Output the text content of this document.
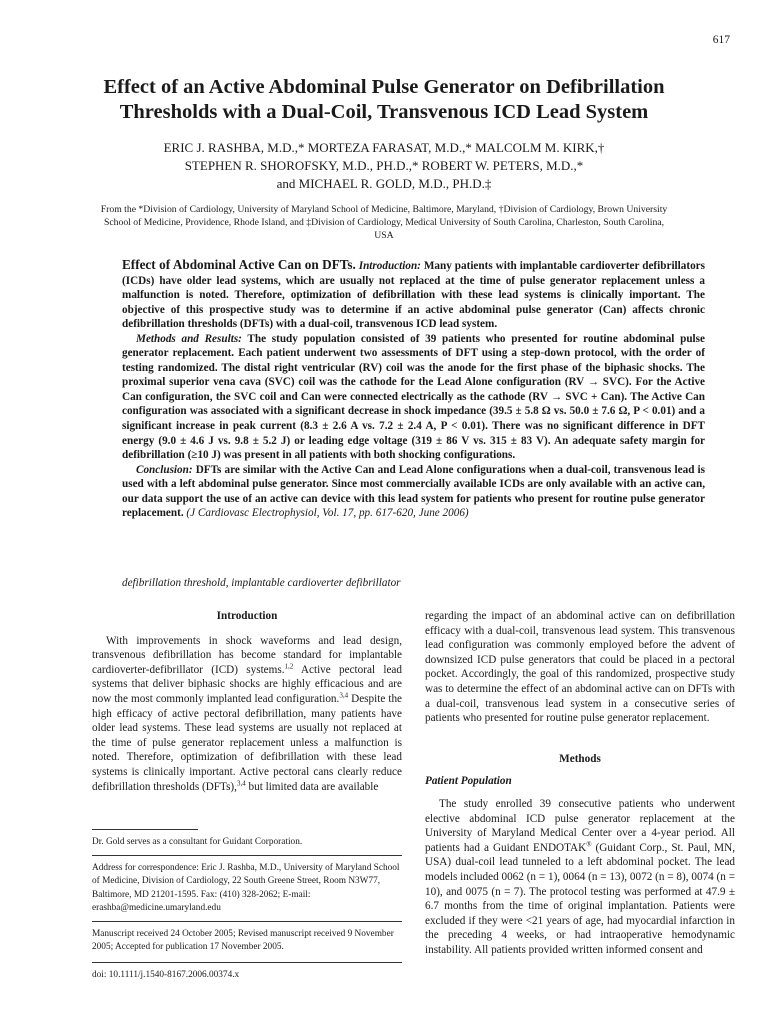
617
Effect of an Active Abdominal Pulse Generator on Defibrillation
Thresholds with a Dual-Coil, Transvenous ICD Lead System
ERIC J. RASHBA, M.D.,* MORTEZA FARASAT, M.D.,* MALCOLM M. KIRK,†
STEPHEN R. SHOROFSKY, M.D., PH.D.,* ROBERT W. PETERS, M.D.,*
and MICHAEL R. GOLD, M.D., PH.D.‡
From the *Division of Cardiology, University of Maryland School of Medicine, Baltimore, Maryland, †Division of Cardiology, Brown University School of Medicine, Providence, Rhode Island, and ‡Division of Cardiology, Medical University of South Carolina, Charleston, South Carolina, USA

Effect of Abdominal Active Can on DFTs. Introduction: Many patients with implantable cardioverter defibrillators (ICDs) have older lead systems, which are usually not replaced at the time of pulse generator replacement unless a malfunction is noted. Therefore, optimization of defibrillation with these lead systems is clinically important. The objective of this prospective study was to determine if an active abdominal pulse generator (Can) affects chronic defibrillation thresholds (DFTs) with a dual-coil, transvenous ICD lead system.

Methods and Results: The study population consisted of 39 patients who presented for routine abdominal pulse generator replacement. Each patient underwent two assessments of DFT using a step-down protocol, with the order of testing randomized. The distal right ventricular (RV) coil was the anode for the first phase of the biphasic shocks. The proximal superior vena cava (SVC) coil was the cathode for the Lead Alone configuration (RV → SVC). For the Active Can configuration, the SVC coil and Can were connected electrically as the cathode (RV → SVC + Can). The Active Can configuration was associated with a significant decrease in shock impedance (39.5 ± 5.8 Ω vs. 50.0 ± 7.6 Ω, P < 0.01) and a significant increase in peak current (8.3 ± 2.6 A vs. 7.2 ± 2.4 A, P < 0.01). There was no significant difference in DFT energy (9.0 ± 4.6 J vs. 9.8 ± 5.2 J) or leading edge voltage (319 ± 86 V vs. 315 ± 83 V). An adequate safety margin for defibrillation (≥10 J) was present in all patients with both shocking configurations.

Conclusion: DFTs are similar with the Active Can and Lead Alone configurations when a dual-coil, transvenous lead is used with a left abdominal pulse generator. Since most commercially available ICDs are only available with an active can, our data support the use of an active can device with this lead system for patients who present for routine pulse generator replacement. (J Cardiovasc Electrophysiol, Vol. 17, pp. 617-620, June 2006)

defibrillation threshold, implantable cardioverter defibrillator
Introduction

With improvements in shock waveforms and lead design, transvenous defibrillation has become standard for implantable cardioverter-defibrillator (ICD) systems.$^{1,2}$ Active pectoral lead systems that deliver biphasic shocks are highly efficacious and are now the most commonly implanted lead configuration.$^{3,4}$ Despite the high efficacy of active pectoral defibrillation, many patients have older lead systems. These lead systems are usually not replaced at the time of pulse generator replacement unless a malfunction is noted. Therefore, optimization of defibrillation with these lead systems is clinically important. Active pectoral cans clearly reduce defibrillation thresholds (DFTs),$^{3,4}$ but limited data are available

Dr. Gold serves as a consultant for Guidant Corporation.

Address for correspondence: Eric J. Rashba, M.D., University of Maryland School of Medicine, Division of Cardiology, 22 South Greene Street, Room N3W77, Baltimore, MD 21201-1595. Fax: (410) 328-2062; E-mail: erashba@medicine.umaryland.edu

Manuscript received 24 October 2005; Revised manuscript received 9 November 2005; Accepted for publication 17 November 2005.

doi: 10.1111/j.1540-8167.2006.00374.x

regarding the impact of an abdominal active can on defibrillation efficacy with a dual-coil, transvenous lead system. This transvenous lead configuration was commonly employed before the advent of downsized ICD pulse generators that could be placed in a pectoral pocket. Accordingly, the goal of this randomized, prospective study was to determine the effect of an abdominal active can on DFTs with a dual-coil, transvenous lead system in a consecutive series of patients who presented for routine pulse generator replacement.

Methods
Patient Population

The study enrolled 39 consecutive patients who underwent elective abdominal ICD pulse generator replacement at the University of Maryland Medical Center over a 4-year period. All patients had a Guidant ENDOTAK® (Guidant Corp., St. Paul, MN, USA) dual-coil lead tunneled to a left abdominal pocket. The lead models included 0062 (n = 1), 0064 (n = 13), 0072 (n = 8), 0074 (n = 10), and 0075 (n = 7). The protocol testing was performed at 47.9 ± 6.7 months from the time of original implantation. Patients were excluded if they were <21 years of age, had myocardial infarction in the preceding 4 weeks, or had intraoperative hemodynamic instability. All patients provided written informed consent and
